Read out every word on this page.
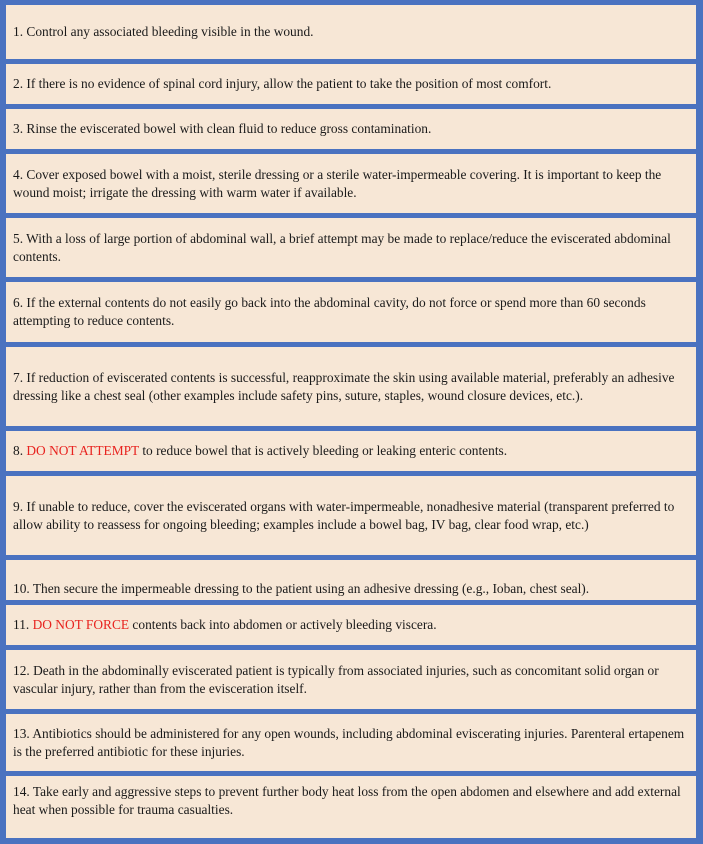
1. Control any associated bleeding visible in the wound.
2. If there is no evidence of spinal cord injury, allow the patient to take the position of most comfort.
3. Rinse the eviscerated bowel with clean fluid to reduce gross contamination.
4. Cover exposed bowel with a moist, sterile dressing or a sterile water-impermeable covering. It is important to keep the wound moist; irrigate the dressing with warm water if available.
5. With a loss of large portion of abdominal wall, a brief attempt may be made to replace/reduce the eviscerated abdominal contents.
6. If the external contents do not easily go back into the abdominal cavity, do not force or spend more than 60 seconds attempting to reduce contents.
7. If reduction of eviscerated contents is successful, reapproximate the skin using available material, preferably an adhesive dressing like a chest seal (other examples include safety pins, suture, staples, wound closure devices, etc.).
8. DO NOT ATTEMPT to reduce bowel that is actively bleeding or leaking enteric contents.
9. If unable to reduce, cover the eviscerated organs with water-impermeable, nonadhesive material (transparent preferred to allow ability to reassess for ongoing bleeding; examples include a bowel bag, IV bag, clear food wrap, etc.)
10. Then secure the impermeable dressing to the patient using an adhesive dressing (e.g., Ioban, chest seal).
11. DO NOT FORCE contents back into abdomen or actively bleeding viscera.
12. Death in the abdominally eviscerated patient is typically from associated injuries, such as concomitant solid organ or vascular injury, rather than from the evisceration itself.
13. Antibiotics should be administered for any open wounds, including abdominal eviscerating injuries. Parenteral ertapenem is the preferred antibiotic for these injuries.
14. Take early and aggressive steps to prevent further body heat loss from the open abdomen and elsewhere and add external heat when possible for trauma casualties.
